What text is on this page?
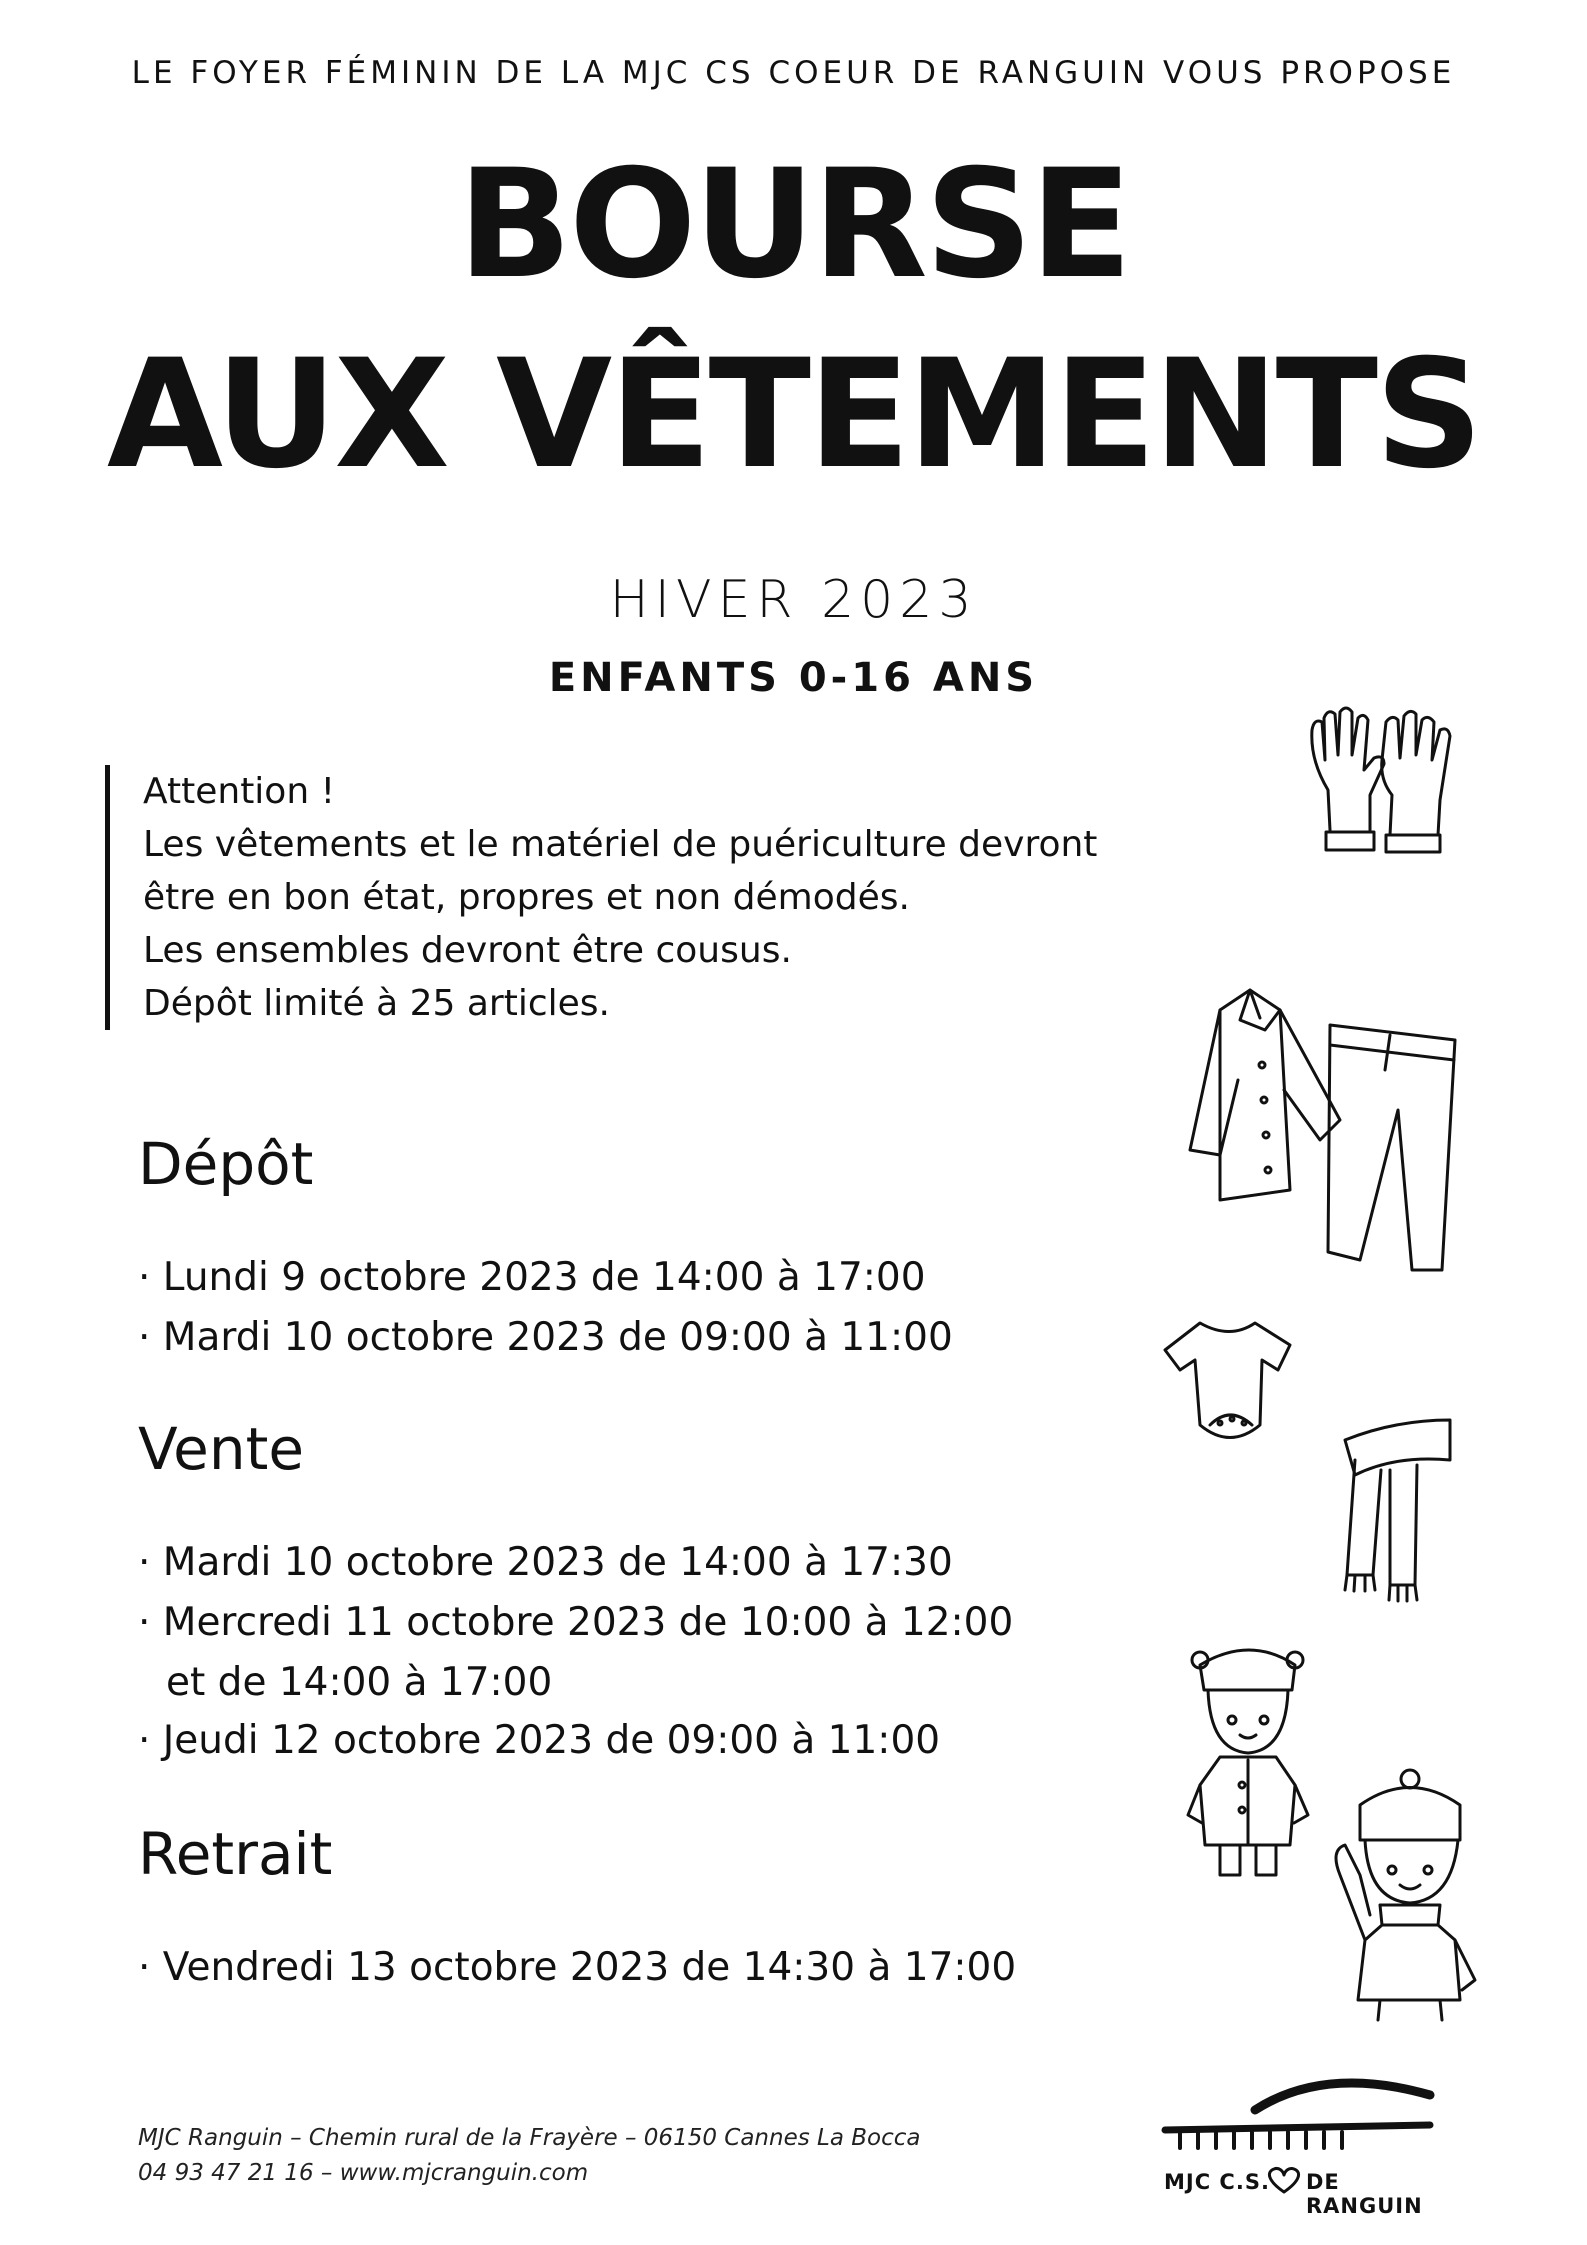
LE FOYER FÉMININ DE LA MJC CS COEUR DE RANGUIN VOUS PROPOSE
BOURSE
AUX VÊTEMENTS
HIVER 2023
ENFANTS 0-16 ANS
Attention !
Les vêtements et le matériel de puériculture devront
être en bon état, propres et non démodés.
Les ensembles devront être cousus.
Dépôt limité à 25 articles.
Dépôt
· Lundi 9 octobre 2023 de 14:00 à 17:00
· Mardi 10 octobre 2023 de 09:00 à 11:00
Vente
· Mardi 10 octobre 2023 de 14:00 à 17:30
· Mercredi 11 octobre 2023 de 10:00 à 12:00
et de 14:00 à 17:00
· Jeudi 12 octobre 2023 de 09:00 à 11:00
Retrait
· Vendredi 13 octobre 2023 de 14:30 à 17:00
MJC Ranguin – Chemin rural de la Frayère – 06150 Cannes La Bocca
04 93 47 21 16 – www.mjcranguin.com	MJC C.S. DE RANGUIN
